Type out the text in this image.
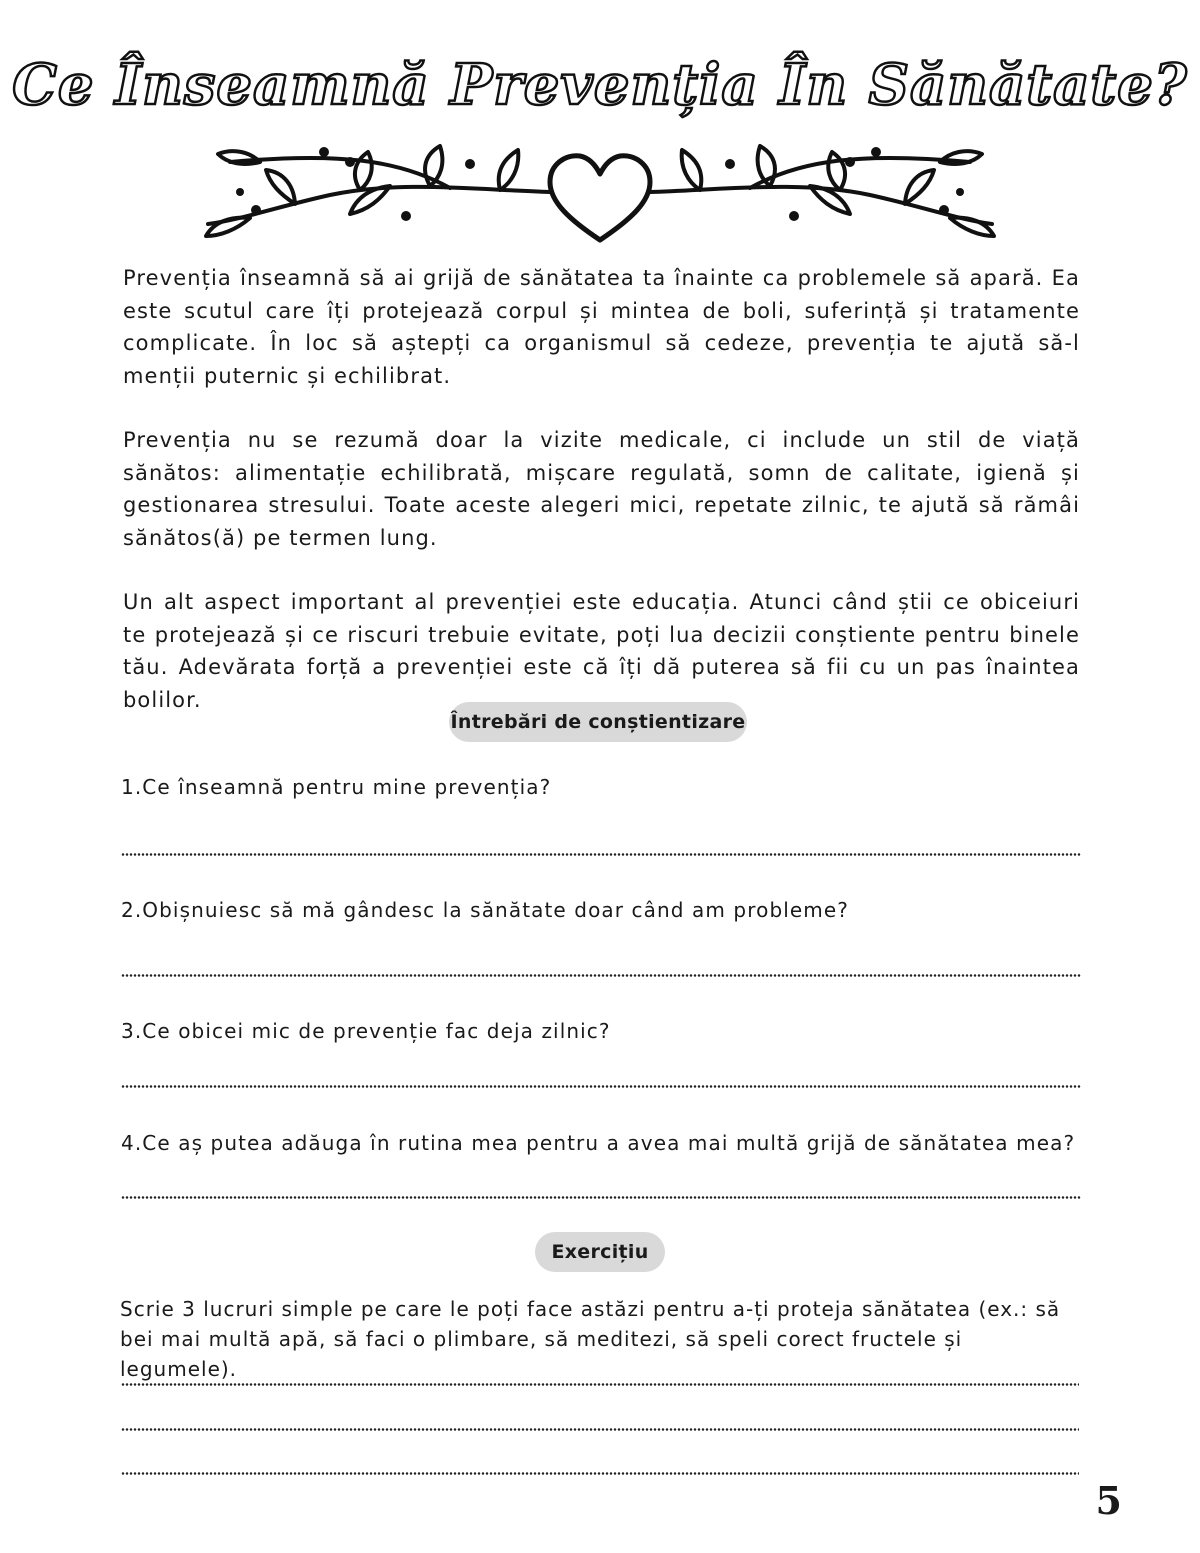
Ce Înseamnă Prevenția În Sănătate?

Prevenția înseamnă să ai grijă de sănătatea ta înainte ca problemele să apară. Ea este scutul care îți protejează corpul și mintea de boli, suferință și tratamente complicate. În loc să aștepți ca organismul să cedeze, prevenția te ajută să-l menții puternic și echilibrat.

Prevenția nu se rezumă doar la vizite medicale, ci include un stil de viață sănătos: alimentație echilibrată, mișcare regulată, somn de calitate, igienă și gestionarea stresului. Toate aceste alegeri mici, repetate zilnic, te ajută să rămâi sănătos(ă) pe termen lung.

Un alt aspect important al prevenției este educația. Atunci când știi ce obiceiuri te protejează și ce riscuri trebuie evitate, poți lua decizii conștiente pentru binele tău. Adevărata forță a prevenției este că îți dă puterea să fii cu un pas înaintea bolilor.

Întrebări de conștientizare
1.Ce înseamnă pentru mine prevenția?
2.Obișnuiesc să mă gândesc la sănătate doar când am probleme?
3.Ce obicei mic de prevenție fac deja zilnic?
4.Ce aș putea adăuga în rutina mea pentru a avea mai multă grijă de sănătatea mea?
Exercițiu

Scrie 3 lucruri simple pe care le poți face astăzi pentru a-ți proteja sănătatea (ex.: să bei mai multă apă, să faci o plimbare, să meditezi, să speli corect fructele și legumele).

5
